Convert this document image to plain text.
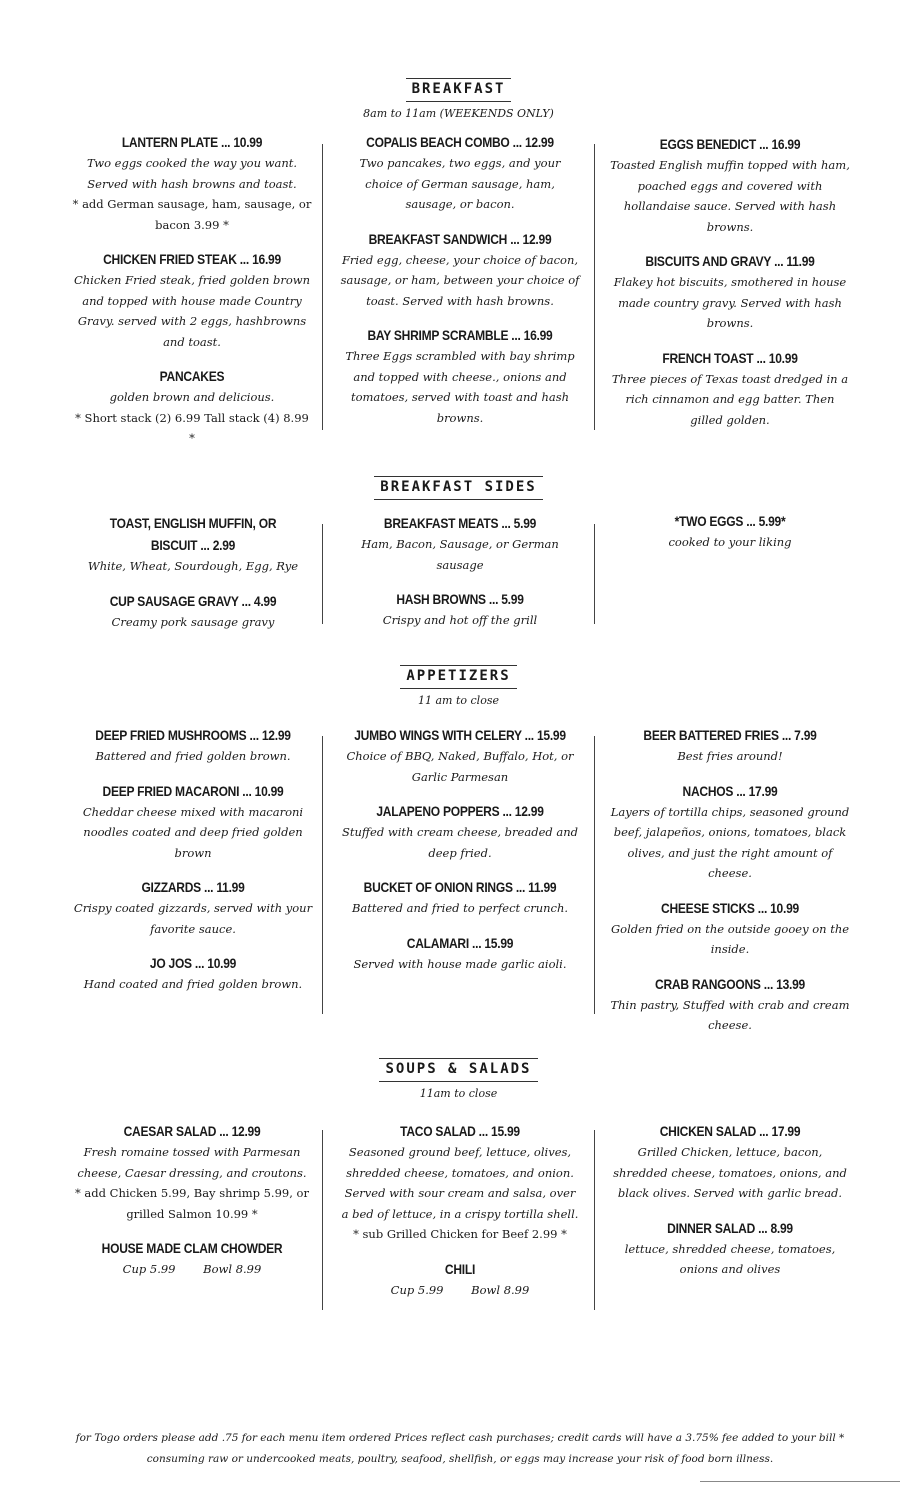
BREAKFAST
8am to 11am (WEEKENDS ONLY)
LANTERN PLATE ... 10.99
Two eggs cooked the way you want. Served with hash browns and toast.
* add German sausage, ham, sausage, or bacon 3.99 *
CHICKEN FRIED STEAK ... 16.99
Chicken Fried steak, fried golden brown and topped with house made Country Gravy. served with 2 eggs, hashbrowns and toast.
PANCAKES
golden brown and delicious.
* Short stack (2) 6.99 Tall stack (4) 8.99 *
COPALIS BEACH COMBO ... 12.99
Two pancakes, two eggs, and your choice of German sausage, ham, sausage, or bacon.
BREAKFAST SANDWICH ... 12.99
Fried egg, cheese, your choice of bacon, sausage, or ham, between your choice of toast. Served with hash browns.
BAY SHRIMP SCRAMBLE ... 16.99
Three Eggs scrambled with bay shrimp and topped with cheese., onions and tomatoes, served with toast and hash browns.
EGGS BENEDICT ... 16.99
Toasted English muffin topped with ham, poached eggs and covered with hollandaise sauce. Served with hash browns.
BISCUITS AND GRAVY ... 11.99
Flakey hot biscuits, smothered in house made country gravy. Served with hash browns.
FRENCH TOAST ... 10.99
Three pieces of Texas toast dredged in a rich cinnamon and egg batter. Then gilled golden.
BREAKFAST SIDES
TOAST, ENGLISH MUFFIN, OR BISCUIT ... 2.99
White, Wheat, Sourdough, Egg, Rye
CUP SAUSAGE GRAVY ... 4.99
Creamy pork sausage gravy
BREAKFAST MEATS ... 5.99
Ham, Bacon, Sausage, or German sausage
HASH BROWNS ... 5.99
Crispy and hot off the grill
*TWO EGGS ... 5.99*
cooked to your liking
APPETIZERS
11 am to close
DEEP FRIED MUSHROOMS ... 12.99
Battered and fried golden brown.
DEEP FRIED MACARONI ... 10.99
Cheddar cheese mixed with macaroni noodles coated and deep fried golden brown
GIZZARDS ... 11.99
Crispy coated gizzards, served with your favorite sauce.
JO JOS ... 10.99
Hand coated and fried golden brown.
JUMBO WINGS WITH CELERY ... 15.99
Choice of BBQ, Naked, Buffalo, Hot, or Garlic Parmesan
JALAPENO POPPERS ... 12.99
Stuffed with cream cheese, breaded and deep fried.
BUCKET OF ONION RINGS ... 11.99
Battered and fried to perfect crunch.
CALAMARI ... 15.99
Served with house made garlic aioli.
BEER BATTERED FRIES ... 7.99
Best fries around!
NACHOS ... 17.99
Layers of tortilla chips, seasoned ground beef, jalapeños, onions, tomatoes, black olives, and just the right amount of cheese.
CHEESE STICKS ... 10.99
Golden fried on the outside gooey on the inside.
CRAB RANGOONS ... 13.99
Thin pastry, Stuffed with crab and cream cheese.
SOUPS & SALADS
11am to close
CAESAR SALAD ... 12.99
Fresh romaine tossed with Parmesan cheese, Caesar dressing, and croutons.
* add Chicken 5.99, Bay shrimp 5.99, or grilled Salmon 10.99 *
HOUSE MADE CLAM CHOWDER
Cup 5.99 Bowl 8.99
TACO SALAD ... 15.99
Seasoned ground beef, lettuce, olives, shredded cheese, tomatoes, and onion. Served with sour cream and salsa, over a bed of lettuce, in a crispy tortilla shell.
* sub Grilled Chicken for Beef 2.99 *
CHILI
Cup 5.99 Bowl 8.99
CHICKEN SALAD ... 17.99
Grilled Chicken, lettuce, bacon, shredded cheese, tomatoes, onions, and black olives. Served with garlic bread.
DINNER SALAD ... 8.99
lettuce, shredded cheese, tomatoes, onions and olives
for Togo orders please add .75 for each menu item ordered Prices reflect cash purchases; credit cards will have a 3.75% fee added to your bill *
consuming raw or undercooked meats, poultry, seafood, shellfish, or eggs may increase your risk of food born illness.
